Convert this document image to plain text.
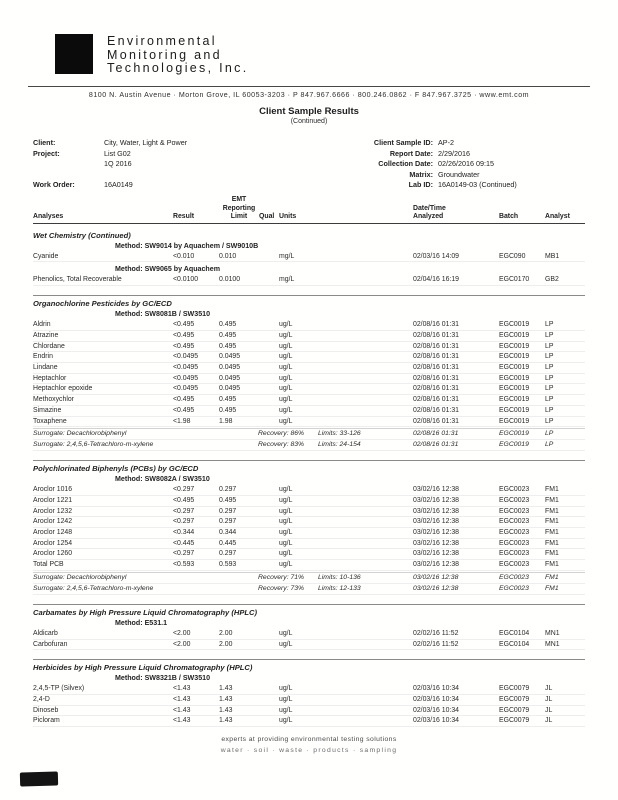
Environmental
Monitoring and
Technologies, Inc.
8100 N. Austin Avenue · Morton Grove, IL 60053-3203 · P 847.967.6666 · 800.246.0862 · F 847.967.3725 · www.emt.com
Client Sample Results
(Continued)
Client:	City, Water, Light & Power
Project:	List G02
1Q 2016
Work Order:	16A0149
Client Sample ID: AP-2
Report Date: 2/29/2016
Collection Date: 02/26/2016 09:15
Matrix: Groundwater
Lab ID: 16A0149-03 (Continued)
Analyses	Result
EMT
Reporting
Limit	Qual Units
Date/Time
Analyzed	Batch	Analyst
Wet Chemistry (Continued)
Method: SW9014 by Aquachem / SW9010B
Cyanide	<0.010	0.010	mg/L	02/03/16 14:09	EGC090	MB1
Method: SW9065 by Aquachem
Phenolics, Total Recoverable	<0.0100	0.0100	mg/L	02/04/16 16:19	EGC0170	GB2
Organochlorine Pesticides by GC/ECD
Method: SW8081B / SW3510
Aldrin	<0.495	0.495	ug/L	02/08/16 01:31	EGC0019	LP
Atrazine	<0.495	0.495	ug/L	02/08/16 01:31	EGC0019	LP
Chlordane	<0.495	0.495	ug/L	02/08/16 01:31	EGC0019	LP
Endrin	<0.0495	0.0495	ug/L	02/08/16 01:31	EGC0019	LP
Lindane	<0.0495	0.0495	ug/L	02/08/16 01:31	EGC0019	LP
Heptachlor	<0.0495	0.0495	ug/L	02/08/16 01:31	EGC0019	LP
Heptachlor epoxide	<0.0495	0.0495	ug/L	02/08/16 01:31	EGC0019	LP
Methoxychlor	<0.495	0.495	ug/L	02/08/16 01:31	EGC0019	LP
Simazine	<0.495	0.495	ug/L	02/08/16 01:31	EGC0019	LP
Toxaphene	<1.98	1.98	ug/L	02/08/16 01:31	EGC0019	LP
Surrogate: Decachlorobiphenyl	Recovery: 86%	Limits: 33-126	02/08/16 01:31	EGC0019	LP
Surrogate: 2,4,5,6-Tetrachloro-m-xylene	Recovery: 83%	Limits: 24-154	02/08/16 01:31	EGC0019	LP
Polychlorinated Biphenyls (PCBs) by GC/ECD
Method: SW8082A / SW3510
Aroclor 1016	<0.297	0.297	ug/L	03/02/16 12:38	EGC0023	FM1
Aroclor 1221	<0.495	0.495	ug/L	03/02/16 12:38	EGC0023	FM1
Aroclor 1232	<0.297	0.297	ug/L	03/02/16 12:38	EGC0023	FM1
Aroclor 1242	<0.297	0.297	ug/L	03/02/16 12:38	EGC0023	FM1
Aroclor 1248	<0.344	0.344	ug/L	03/02/16 12:38	EGC0023	FM1
Aroclor 1254	<0.445	0.445	ug/L	03/02/16 12:38	EGC0023	FM1
Aroclor 1260	<0.297	0.297	ug/L	03/02/16 12:38	EGC0023	FM1
Total PCB	<0.593	0.593	ug/L	03/02/16 12:38	EGC0023	FM1
Surrogate: Decachlorobiphenyl	Recovery: 71%	Limits: 10-136	03/02/16 12:38	EGC0023	FM1
Surrogate: 2,4,5,6-Tetrachloro-m-xylene	Recovery: 73%	Limits: 12-133	03/02/16 12:38	EGC0023	FM1
Carbamates by High Pressure Liquid Chromatography (HPLC)
Method: E531.1
Aldicarb	<2.00	2.00	ug/L	02/02/16 11:52	EGC0104	MN1
Carbofuran	<2.00	2.00	ug/L	02/02/16 11:52	EGC0104	MN1
Herbicides by High Pressure Liquid Chromatography (HPLC)
Method: SW8321B / SW3510
2,4,5-TP (Silvex)	<1.43	1.43	ug/L	02/03/16 10:34	EGC0079	JL
2,4-D	<1.43	1.43	ug/L	02/03/16 10:34	EGC0079	JL
Dinoseb	<1.43	1.43	ug/L	02/03/16 10:34	EGC0079	JL
Picloram	<1.43	1.43	ug/L	02/03/16 10:34	EGC0079	JL
experts at providing environmental testing solutions
water · soil · waste · products · sampling
